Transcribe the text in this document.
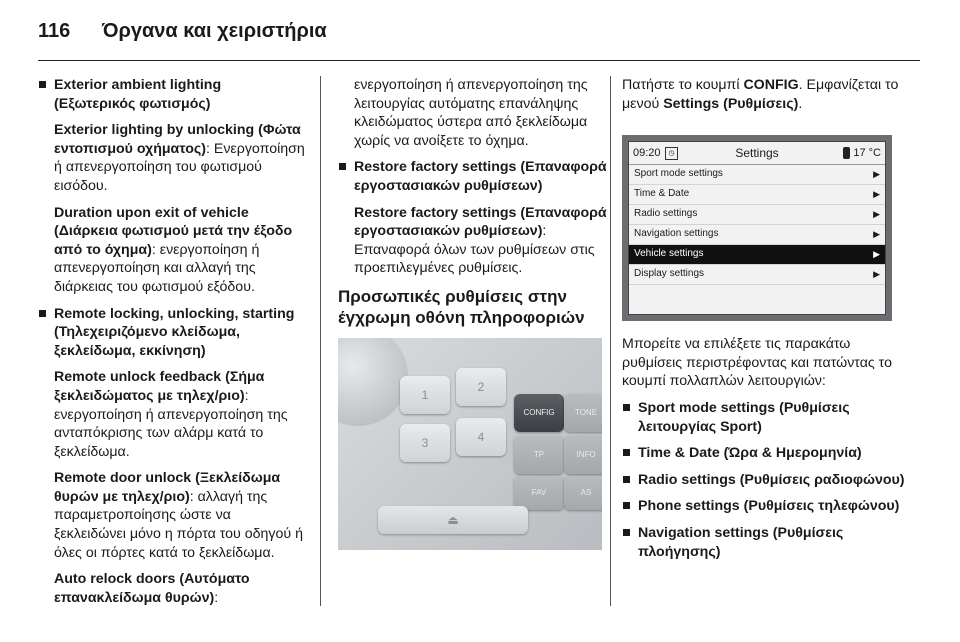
116 Όργανα και χειριστήρια
Exterior ambient lighting (Εξωτερικός φωτισμός)

Exterior lighting by unlocking (Φώτα εντοπισμού οχήματος): Ενεργοποίηση ή απενεργοποίηση του φωτισμού εισόδου.

Duration upon exit of vehicle (Διάρκεια φωτισμού μετά την έξοδο από το όχημα): ενεργοποίηση ή απενεργοποίηση και αλλαγή της διάρκειας του φωτισμού εξόδου.

Remote locking, unlocking, starting (Τηλεχειριζόμενο κλείδωμα, ξεκλείδωμα, εκκίνηση)

Remote unlock feedback (Σήμα ξεκλειδώματος με τηλεχ/ριο): ενεργοποίηση ή απενεργοποίηση της ανταπόκρισης των αλάρμ κατά το ξεκλείδωμα.

Remote door unlock (Ξεκλείδωμα θυρών με τηλεχ/ριο): αλλαγή της παραμετροποίησης ώστε να ξεκλειδώνει μόνο η πόρτα του οδηγού ή όλες οι πόρτες κατά το ξεκλείδωμα.

Auto relock doors (Αυτόματο επανακλείδωμα θυρών):

ενεργοποίηση ή απενεργοποίηση της λειτουργίας αυτόματης επανάληψης κλειδώματος ύστερα από ξεκλείδωμα χωρίς να ανοίξετε το όχημα.

Restore factory settings (Επαναφορά εργοστασιακών ρυθμίσεων)

Restore factory settings (Επαναφορά εργοστασιακών ρυθμίσεων): Επαναφορά όλων των ρυθμίσεων στις προεπιλεγμένες ρυθμίσεις.

Προσωπικές ρυθμίσεις στην έγχρωμη οθόνη πληροφοριών
1
2
CONFIG	TONE
3	4
TP	INFO
FAV	AS
⏏

Πατήστε το κουμπί CONFIG. Εμφανίζεται το μενού Settings (Ρυθμίσεις).

09:20	◷	Settings	17 °C
Sport mode settings	▶
Time & Date	▶
Radio settings	▶
Navigation settings	▶
Vehicle settings	▶
Display settings	▶

Μπορείτε να επιλέξετε τις παρακάτω ρυθμίσεις περιστρέφοντας και πατώντας το κουμπί πολλαπλών λειτουργιών:

Sport mode settings (Ρυθμίσεις λειτουργίας Sport)
Time & Date (Ώρα & Ημερομηνία)
Radio settings (Ρυθμίσεις ραδιοφώνου)
Phone settings (Ρυθμίσεις τηλεφώνου)
Navigation settings (Ρυθμίσεις πλοήγησης)
